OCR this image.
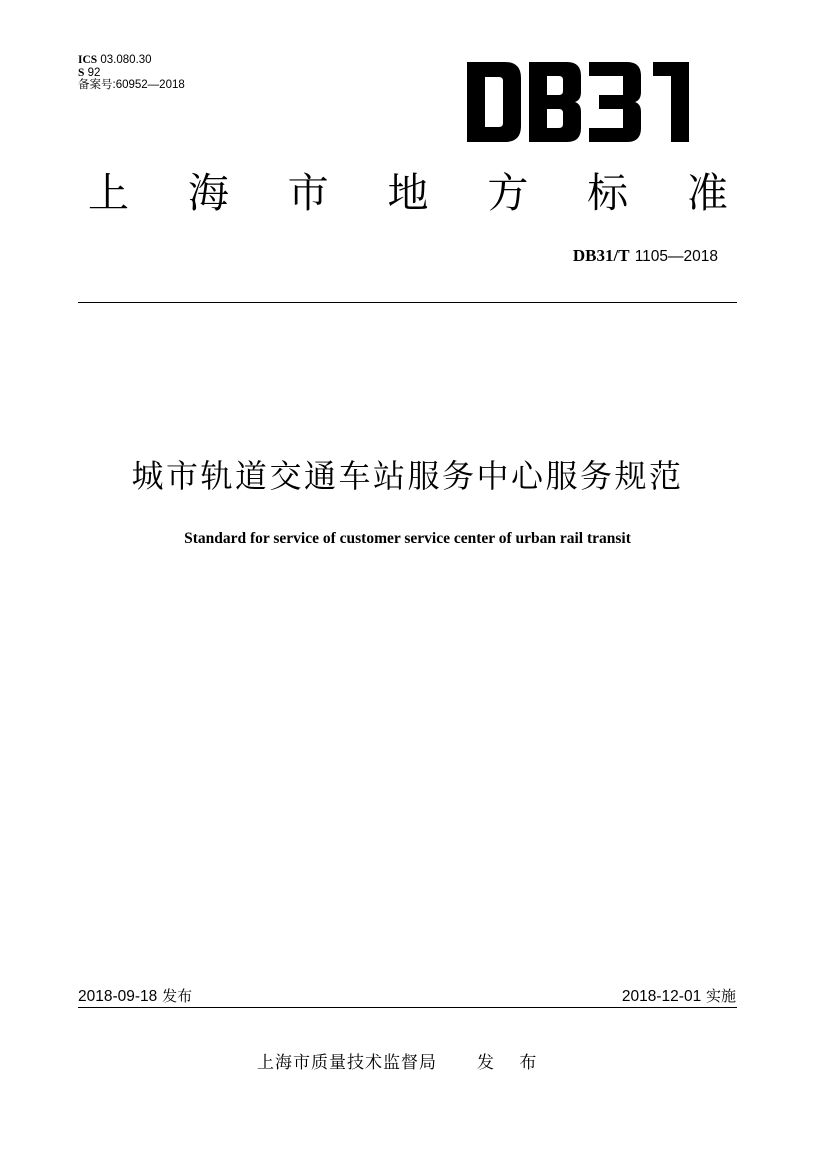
ICS 03.080.30
S 92
备案号:60952—2018
上 海 市 地 方 标 准
DB31/T 1105—2018
城市轨道交通车站服务中心服务规范
Standard for service of customer service center of urban rail transit
2018-09-18 发布	2018-12-01 实施
上海市质量技术监督局 发 布
